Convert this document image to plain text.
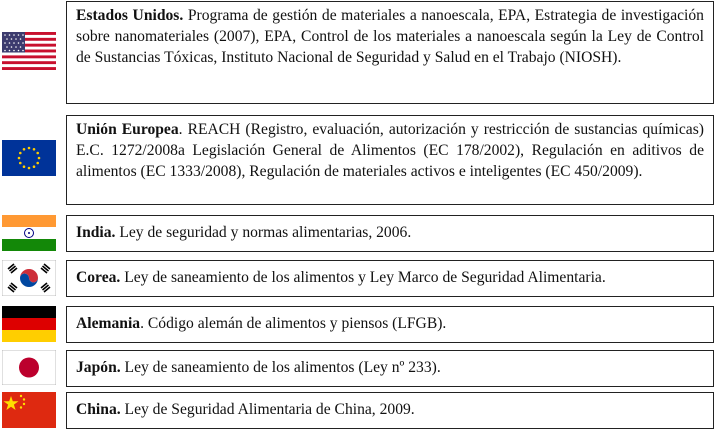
Estados Unidos. Programa de gestión de materiales a nanoescala, EPA, Estrategia de investigación sobre nanomateriales (2007), EPA, Control de los materiales a nanoescala según la Ley de Control de Sustancias Tóxicas, Instituto Nacional de Seguridad y Salud en el Trabajo (NIOSH).
Unión Europea. REACH (Registro, evaluación, autorización y restricción de sustancias químicas) E.C. 1272/2008a Legislación General de Alimentos (EC 178/2002), Regulación en aditivos de alimentos (EC 1333/2008), Regulación de materiales activos e inteligentes (EC 450/2009).
India. Ley de seguridad y normas alimentarias, 2006.
Corea. Ley de saneamiento de los alimentos y Ley Marco de Seguridad Alimentaria.
Alemania. Código alemán de alimentos y piensos (LFGB).
Japón. Ley de saneamiento de los alimentos (Ley nº 233).
China. Ley de Seguridad Alimentaria de China, 2009.
